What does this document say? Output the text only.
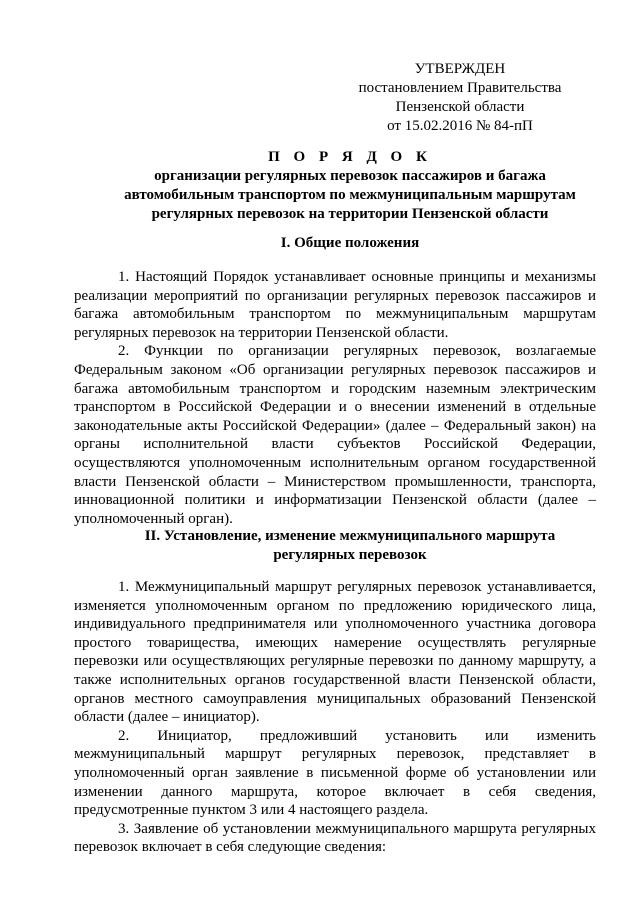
УТВЕРЖДЕН
постановлением Правительства
Пензенской области
от 15.02.2016 № 84-пП
П О Р Я Д О К
организации регулярных перевозок пассажиров и багажа
автомобильным транспортом по межмуниципальным маршрутам
регулярных перевозок на территории Пензенской области
I. Общие положения

1. Настоящий Порядок устанавливает основные принципы и механизмы реализации мероприятий по организации регулярных перевозок пассажиров и багажа автомобильным транспортом по межмуниципальным маршрутам регулярных перевозок на территории Пензенской области.

2. Функции по организации регулярных перевозок, возлагаемые Федеральным законом «Об организации регулярных перевозок пассажиров и багажа автомобильным транспортом и городским наземным электрическим транспортом в Российской Федерации и о внесении изменений в отдельные законодательные акты Российской Федерации» (далее – Федеральный закон) на органы исполнительной власти субъектов Российской Федерации, осуществляются уполномоченным исполнительным органом государственной власти Пензенской области – Министерством промышленности, транспорта, инновационной политики и информатизации Пензенской области (далее – уполномоченный орган).

II. Установление, изменение межмуниципального маршрута
регулярных перевозок

1. Межмуниципальный маршрут регулярных перевозок устанавливается, изменяется уполномоченным органом по предложению юридического лица, индивидуального предпринимателя или уполномоченного участника договора простого товарищества, имеющих намерение осуществлять регулярные перевозки или осуществляющих регулярные перевозки по данному маршруту, а также исполнительных органов государственной власти Пензенской области, органов местного самоуправления муниципальных образований Пензенской области (далее – инициатор).

2. Инициатор, предложивший установить или изменить межмуниципальный маршрут регулярных перевозок, представляет в уполномоченный орган заявление в письменной форме об установлении или изменении данного маршрута, которое включает в себя сведения, предусмотренные пунктом 3 или 4 настоящего раздела.

3. Заявление об установлении межмуниципального маршрута регулярных перевозок включает в себя следующие сведения:
